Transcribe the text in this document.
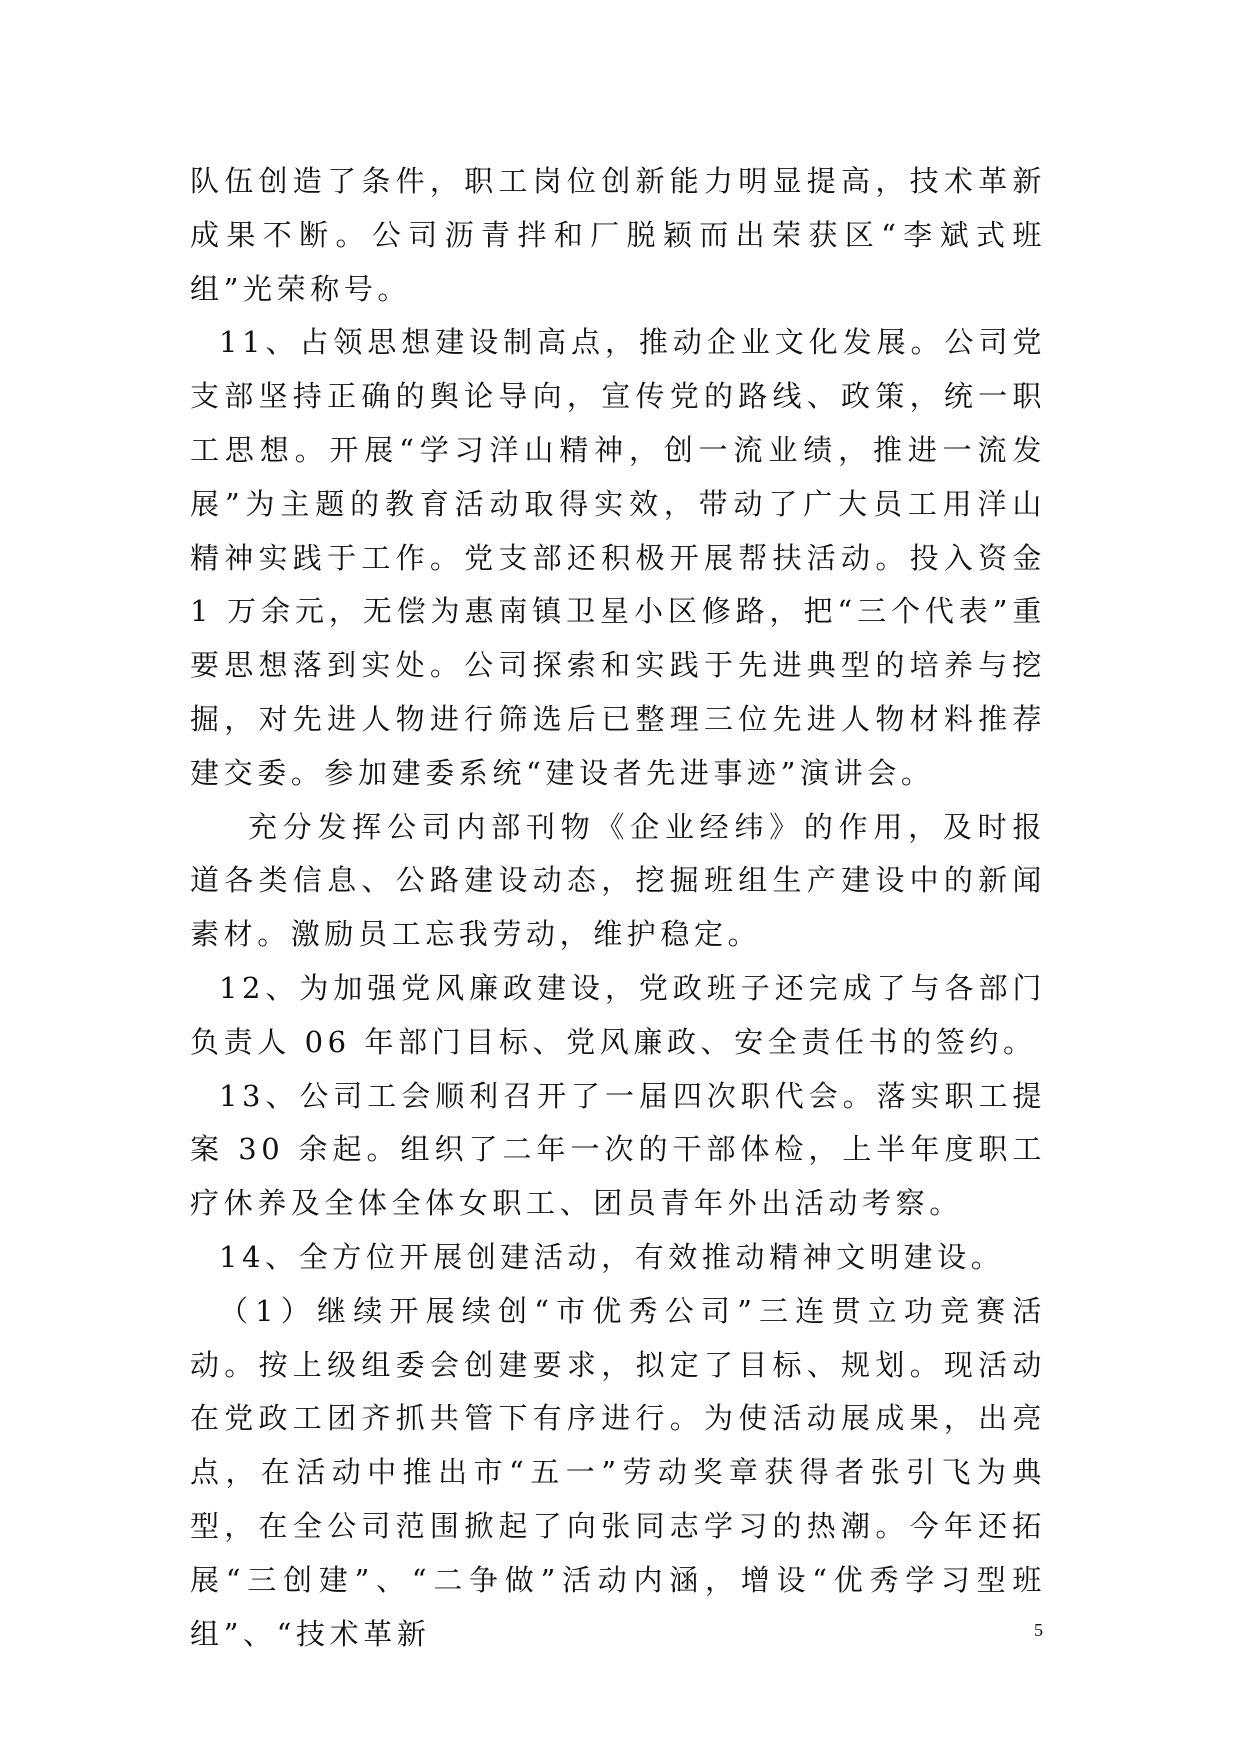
队伍创造了条件，职工岗位创新能力明显提高，技术革新成果不断。公司沥青拌和厂脱颖而出荣获区“李斌式班组”光荣称号。

11、占领思想建设制高点，推动企业文化发展。公司党支部坚持正确的舆论导向，宣传党的路线、政策，统一职工思想。开展“学习洋山精神，创一流业绩，推进一流发展”为主题的教育活动取得实效，带动了广大员工用洋山精神实践于工作。党支部还积极开展帮扶活动。投入资金 1 万余元，无偿为惠南镇卫星小区修路，把“三个代表”重要思想落到实处。公司探索和实践于先进典型的培养与挖掘，对先进人物进行筛选后已整理三位先进人物材料推荐建交委。参加建委系统“建设者先进事迹”演讲会。

充分发挥公司内部刊物《企业经纬》的作用，及时报道各类信息、公路建设动态，挖掘班组生产建设中的新闻素材。激励员工忘我劳动，维护稳定。

12、为加强党风廉政建设，党政班子还完成了与各部门负责人 06 年部门目标、党风廉政、安全责任书的签约。

13、公司工会顺利召开了一届四次职代会。落实职工提案 30 余起。组织了二年一次的干部体检，上半年度职工疗休养及全体全体女职工、团员青年外出活动考察。

14、全方位开展创建活动，有效推动精神文明建设。

（1）继续开展续创“市优秀公司”三连贯立功竞赛活动。按上级组委会创建要求，拟定了目标、规划。现活动在党政工团齐抓共管下有序进行。为使活动展成果，出亮点，在活动中推出市“五一”劳动奖章获得者张引飞为典型，在全公司范围掀起了向张同志学习的热潮。今年还拓展“三创建”、“二争做”活动内涵，增设“优秀学习型班组”、“技术革新	5
